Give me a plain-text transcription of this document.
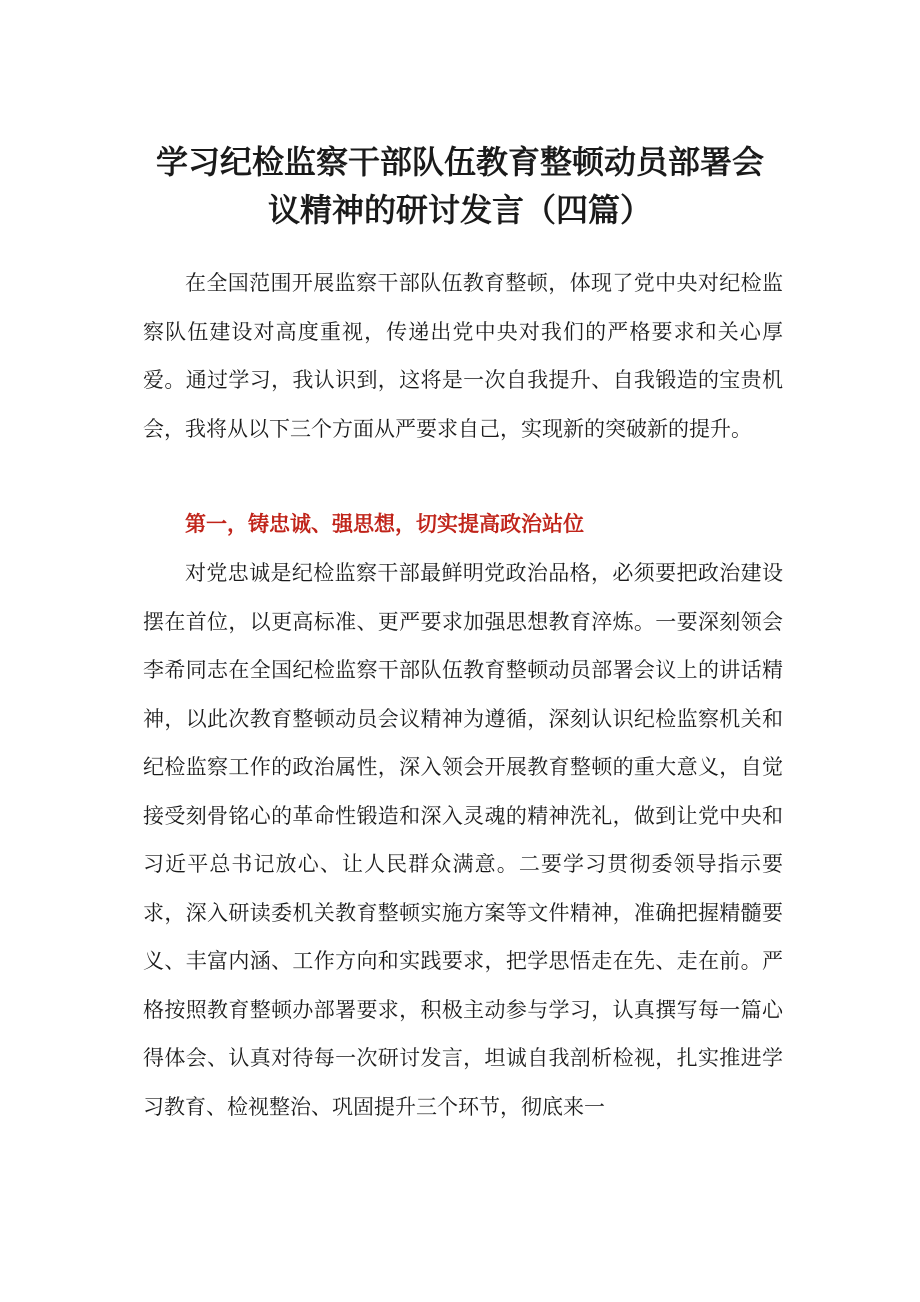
学习纪检监察干部队伍教育整顿动员部署会
议精神的研讨发言（四篇）

在全国范围开展监察干部队伍教育整顿，体现了党中央对纪检监察队伍建设对高度重视，传递出党中央对我们的严格要求和关心厚爱。通过学习，我认识到，这将是一次自我提升、自我锻造的宝贵机会，我将从以下三个方面从严要求自己，实现新的突破新的提升。

第一，铸忠诚、强思想，切实提高政治站位

对党忠诚是纪检监察干部最鲜明党政治品格，必须要把政治建设摆在首位，以更高标准、更严要求加强思想教育淬炼。一要深刻领会李希同志在全国纪检监察干部队伍教育整顿动员部署会议上的讲话精神，以此次教育整顿动员会议精神为遵循，深刻认识纪检监察机关和纪检监察工作的政治属性，深入领会开展教育整顿的重大意义，自觉接受刻骨铭心的革命性锻造和深入灵魂的精神洗礼，做到让党中央和习近平总书记放心、让人民群众满意。二要学习贯彻委领导指示要求，深入研读委机关教育整顿实施方案等文件精神，准确把握精髓要义、丰富内涵、工作方向和实践要求，把学思悟走在先、走在前。严格按照教育整顿办部署要求，积极主动参与学习，认真撰写每一篇心得体会、认真对待每一次研讨发言，坦诚自我剖析检视，扎实推进学习教育、检视整治、巩固提升三个环节，彻底来一
